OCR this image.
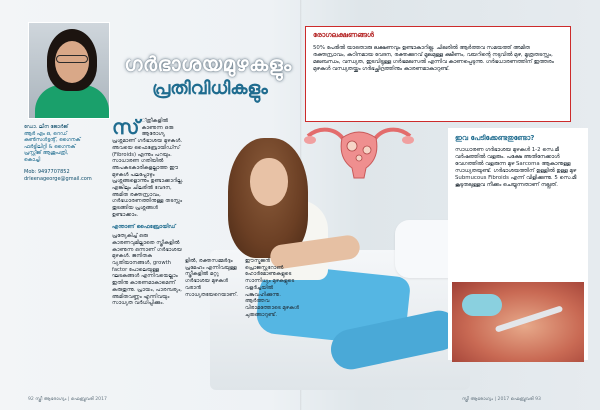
ഗർഭാശയമുഴകളും
പ്രതിവിധികളും
ഡോ. ലീന ജോർജ്
ആർ എം ഒ, റെഡ്‌
കൺസൾട്ടന്റ്, ഗൈനക്
ഫർട്ടിലിറ്റി & ഗൈനക്
പ്രസ്റ്റീജ് ആശുപത്രി,
കൊച്ചി
Mob: 9497707852
drleenageorge@gmail.com
സ് ്ത്രീകളിൽ കാണുന്ന ഒരു ആരോഗ്യ പ്രശ്നമാണ് ഗർഭാശയ മുഴകൾ. അവയെ ഫൈബ്രോയിഡ്സ് (Fibroids) എന്നും പറയും. സാധാരണ ഗതിയിൽ അപകടകാരികളല്ലാത്ത ഈ മുഴകൾ പലപ്പോഴും പ്രശ്നങ്ങളൊന്നും ഉണ്ടാക്കാറില്ല. എങ്കിലും ചിലരിൽ വേദന, അമിത രക്തസ്രാവം, ഗർഭധാരണത്തിനുള്ള തടസ്സം തുടങ്ങിയ പ്രശ്നങ്ങൾ ഉണ്ടാക്കാം.
എന്താണ് ഫൈബ്രോയിഡ്
പ്രത്യേകിച്ച് ഒരു കാരണവുമില്ലാതെ സ്ത്രീകളിൽ കാണുന്ന ഒന്നാണ് ഗർഭാശയ മുഴകൾ. ജനിതക വ്യതിയാനങ്ങൾ, growth factor പോലെയുള്ള ഘടകങ്ങൾ എന്നിവയെല്ലാം ഇതിനു കാരണമാകാമെന്ന് കരുതുന്നു. പ്രായം, പാരമ്പര്യം, അമിതവണ്ണം എന്നിവയും സാധ്യത വർധിപ്പിക്കും.
ളിൽ, രക്തസമ്മർദ്ദം പ്രമേഹം എന്നിവയുള്ള സ്ത്രീകളിൽ മറ്റു ഗർഭാശയ മുഴകൾ വരാൻ സാധ്യതയേറെയാണ്.
ഈസ്ട്രജൻ പ്രൊജസ്റ്ററോൺ ഹോർമോണുകളുടെ സാന്നിധ്യം മുഴകളുടെ വളർച്ചയിൽ പങ്കുവഹിക്കുന്നു. ആർത്തവ വിരാമത്തോടെ മുഴകൾ ചുരുങ്ങാറുണ്ട്.
രോഗലക്ഷണങ്ങൾ
50% പേരിൽ യാതൊരു ലക്ഷണവും ഉണ്ടാകാറില്ല. ചിലരിൽ ആർത്തവ സമയത്ത് അമിത രക്തസ്രാവം, കഠിനമായ വേദന, രക്തക്കുറവ് മൂലമുള്ള ക്ഷീണം, വയറിന്റെ നടുവിൽ മുഴ, മൂത്രതടസ്സം, മലബന്ധം, വന്ധ്യത, ഇടവിട്ടുള്ള ഗർഭമലസൽ എന്നിവ കാണപ്പെടുന്നു. ഗർഭധാരണത്തിന് ഇത്തരം മുഴകൾ വന്ധ്യതയ്ക്കും ഗർഭച്ഛിദ്രത്തിനും കാരണമാകാറുണ്ട്.
ഇവ പേടിക്കേണ്ടതുണ്ടോ?
സാധാരണ ഗർഭാശയ മുഴകൾ 1-2 സെ.മീ വർഷത്തിൽ വളരും. പക്ഷേ അതിനേക്കാൾ വേഗത്തിൽ വളരുന്ന മുഴ Sarcoma ആകാനുള്ള സാധ്യതയുണ്ട്. ഗർഭാശയത്തിന് ഉള്ളിൽ ഉള്ള മുഴ Submucous Fibroids എന്ന് വിളിക്കുന്നു. 5 സെ.മീ കൂടുതലുള്ളവ നീക്കം ചെയ്യുന്നതാണ് നല്ലത്.
92 സ്ത്രീ ആരോഗ്യം | ഫെബ്രുവരി 2017	സ്ത്രീ ആരോഗ്യം | 2017 ഫെബ്രുവരി 93
